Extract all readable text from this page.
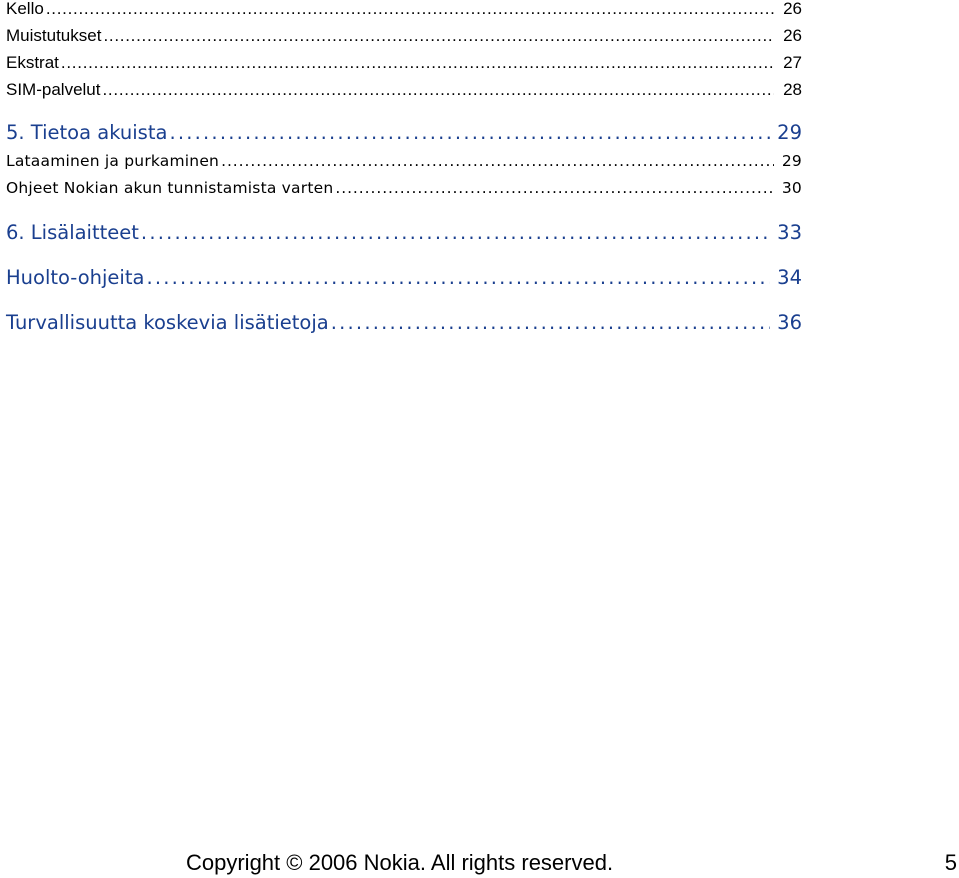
Kello . . .	26
Muistutukset . . .	26
Ekstrat . . .	27
SIM-palvelut . . .	28
5. Tietoa akuista . . .	29
Lataaminen ja purkaminen . . .	29
Ohjeet Nokian akun tunnistamista varten . . .	30
6. Lisälaitteet . . .	33
Huolto-ohjeita . . .	34
Turvallisuutta koskevia lisätietoja . . .	36
Copyright © 2006 Nokia. All rights reserved.	5
